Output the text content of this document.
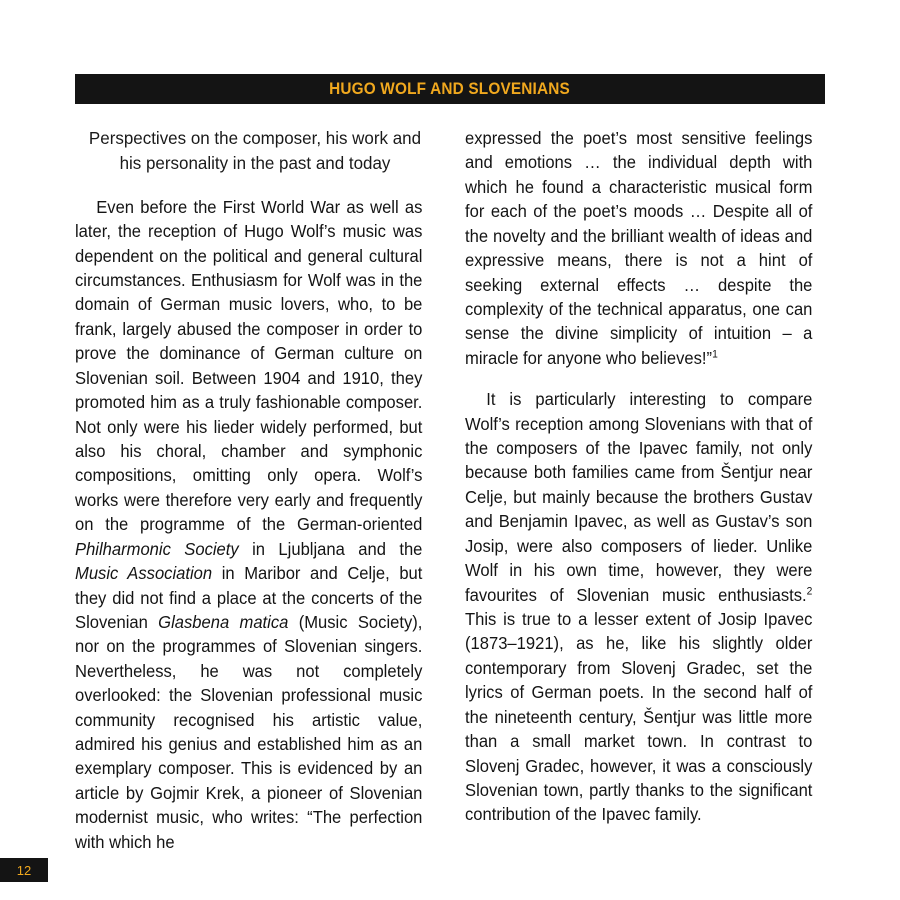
HUGO WOLF AND SLOVENIANS
Perspectives on the composer, his work and his personality in the past and today

Even before the First World War as well as later, the reception of Hugo Wolf’s music was dependent on the political and general cultural circumstances. Enthusiasm for Wolf was in the domain of German music lovers, who, to be frank, largely abused the composer in order to prove the dominance of German culture on Slovenian soil. Between 1904 and 1910, they promoted him as a truly fashionable composer. Not only were his lieder widely performed, but also his choral, chamber and symphonic compositions, omitting only opera. Wolf’s works were therefore very early and frequently on the programme of the German-oriented Philharmonic Society in Ljubljana and the Music Association in Maribor and Celje, but they did not find a place at the concerts of the Slovenian Glasbena matica (Music Society), nor on the programmes of Slovenian singers. Nevertheless, he was not completely overlooked: the Slovenian professional music community recognised his artistic value, admired his genius and established him as an exemplary composer. This is evidenced by an article by Gojmir Krek, a pioneer of Slovenian modernist music, who writes: “The perfection with which he

expressed the poet’s most sensitive feelings and emotions … the individual depth with which he found a characteristic musical form for each of the poet’s moods … Despite all of the novelty and the brilliant wealth of ideas and expressive means, there is not a hint of seeking external effects … despite the complexity of the technical apparatus, one can sense the divine simplicity of intuition – a miracle for anyone who believes!”$^1$

It is particularly interesting to compare Wolf’s reception among Slovenians with that of the composers of the Ipavec family, not only because both families came from Šentjur near Celje, but mainly because the brothers Gustav and Benjamin Ipavec, as well as Gustav’s son Josip, were also composers of lieder. Unlike Wolf in his own time, however, they were favourites of Slovenian music enthusiasts.$^2$ This is true to a lesser extent of Josip Ipavec (1873–1921), as he, like his slightly older contemporary from Slovenj Gradec, set the lyrics of German poets. In the second half of the nineteenth century, Šentjur was little more than a small market town. In contrast to Slovenj Gradec, however, it was a consciously Slovenian town, partly thanks to the significant contribution of the Ipavec family.

12
